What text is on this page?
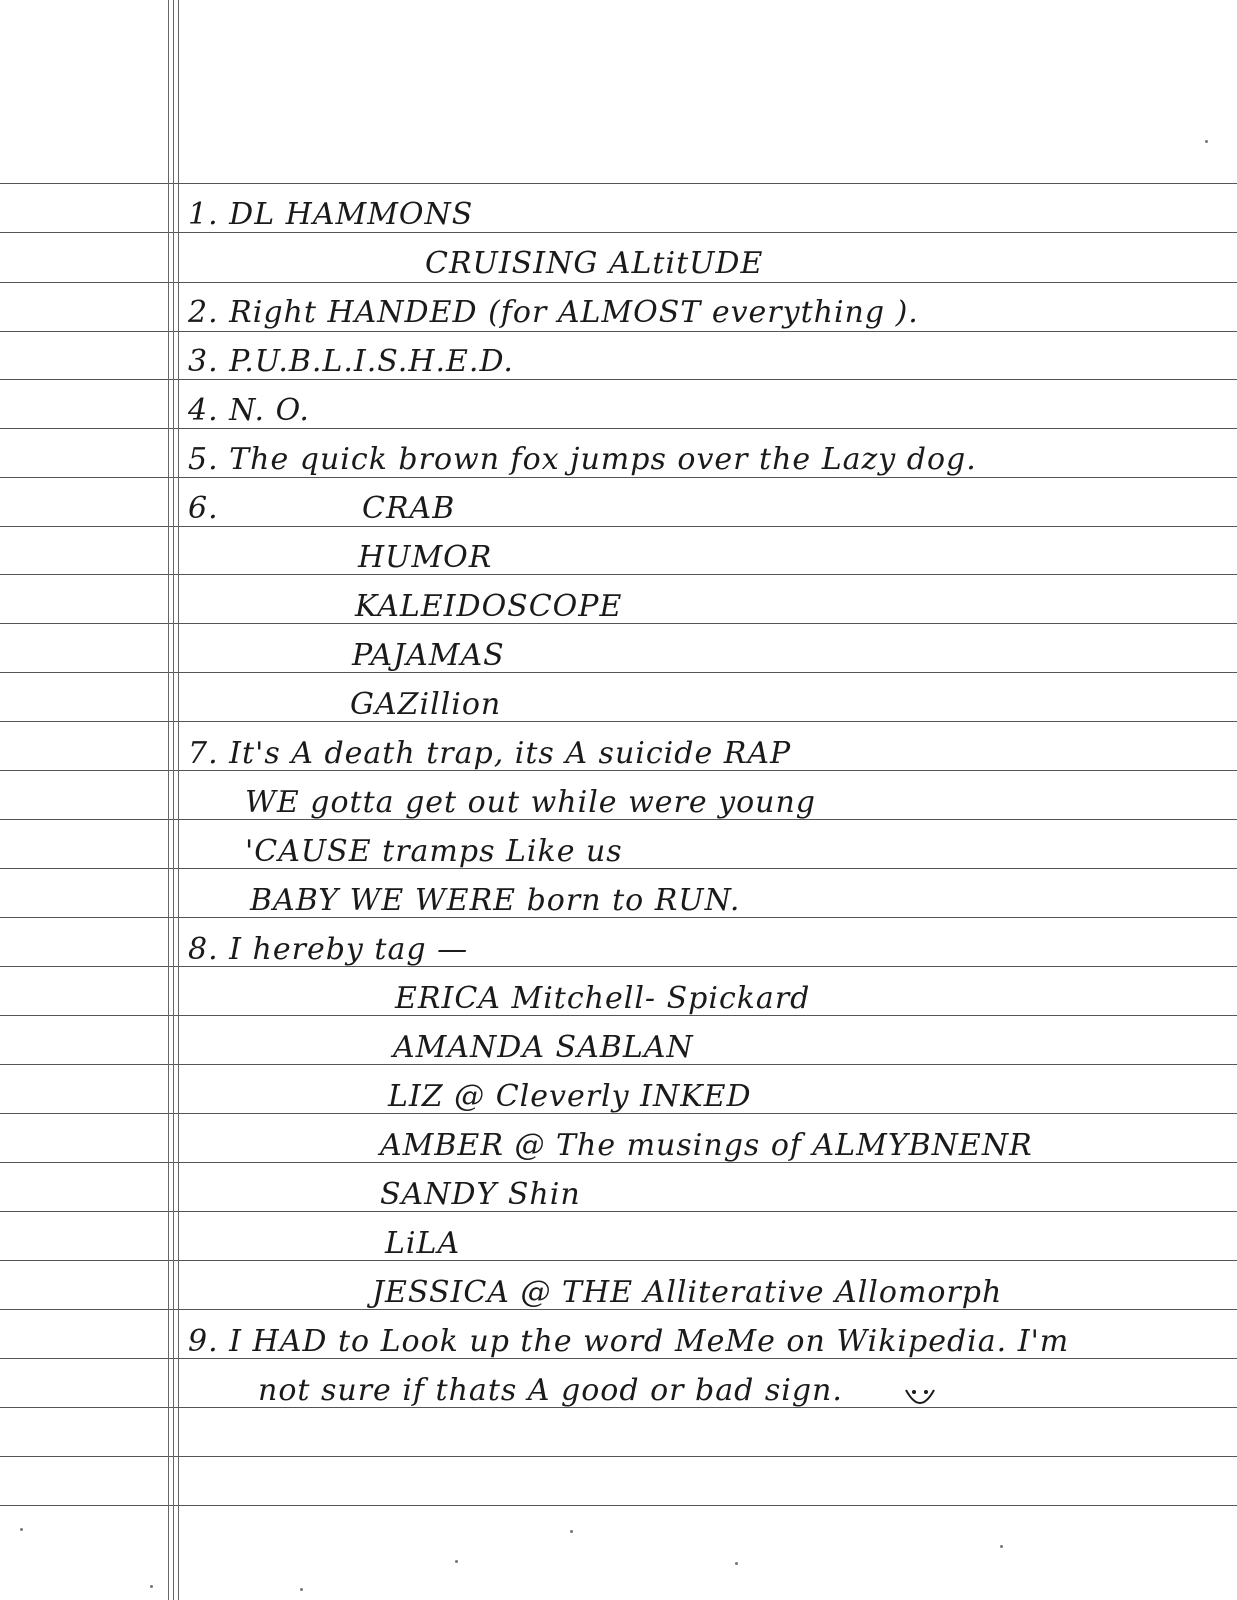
1. DL HAMMONS
CRUISING ALtitUDE
2. Right HANDED (for ALMOST everything ).
3. P.U.B.L.I.S.H.E.D.
4. N. O.
5. The quick brown fox jumps over the Lazy dog.
6.	CRAB
HUMOR
KALEIDOSCOPE
PAJAMAS
GAZillion
7. It's A death trap, its A suicide RAP
WE gotta get out while were young
'CAUSE tramps Like us
BABY WE WERE born to RUN.
8. I hereby tag —
ERICA Mitchell- Spickard
AMANDA SABLAN
LIZ @ Cleverly INKED
AMBER @ The musings of ALMYBNENR
SANDY Shin
LiLA
JESSICA @ THE Alliterative Allomorph
9. I HAD to Look up the word MeMe on Wikipedia. I'm
not sure if thats A good or bad sign.
